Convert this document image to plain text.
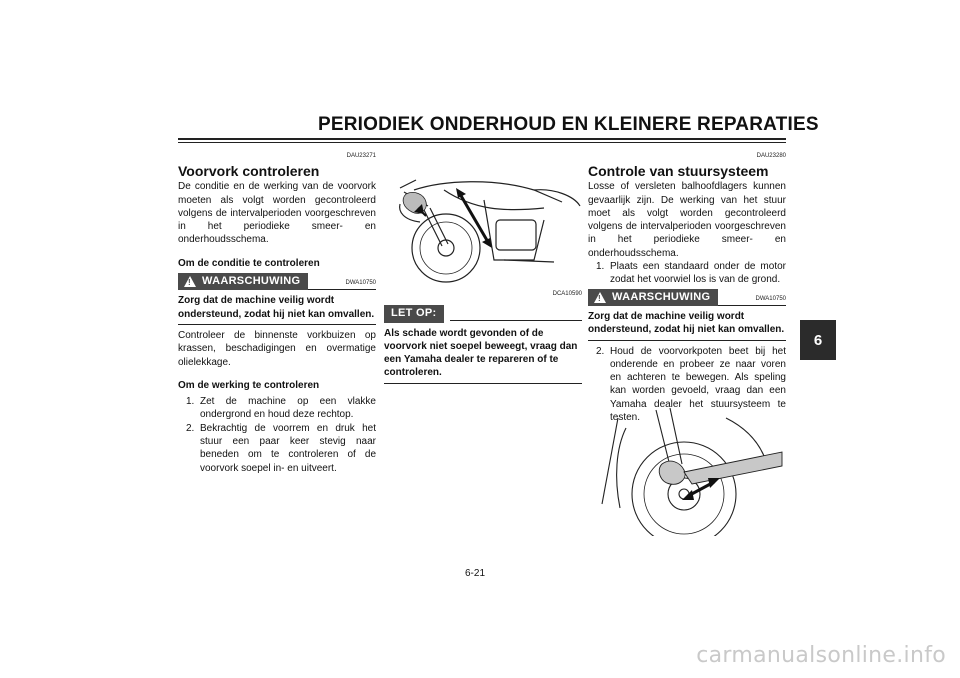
PERIODIEK ONDERHOUD EN KLEINERE REPARATIES
DAU23271
Voorvork controleren

De conditie en de werking van de voorvork moeten als volgt worden gecontroleerd volgens de intervalperioden voorgeschreven in het periodieke smeer- en onderhoudsschema.

Om de conditie te controleren
! WAARSCHUWING	DWA10750

Zorg dat de machine veilig wordt ondersteund, zodat hij niet kan omvallen.

Controleer de binnenste vorkbuizen op krassen, beschadigingen en overmatige olielekkage.

Om de werking te controleren
1. Zet de machine op een vlakke ondergrond en houd deze rechtop.
2. Bekrachtig de voorrem en druk het stuur een paar keer stevig naar beneden om te controleren of de voorvork soepel in- en uitveert.
DCA10590
LET OP:

Als schade wordt gevonden of de voorvork niet soepel beweegt, vraag dan een Yamaha dealer te repareren of te controleren.

DAU23280
Controle van stuursysteem

Losse of versleten balhoofdlagers kunnen gevaarlijk zijn. De werking van het stuur moet als volgt worden gecontroleerd volgens de intervalperioden voorgeschreven in het periodieke smeer- en onderhoudsschema.

1. Plaats een standaard onder de motor zodat het voorwiel los is van de grond.
! WAARSCHUWING	DWA10750

Zorg dat de machine veilig wordt ondersteund, zodat hij niet kan omvallen.

2. Houd de voorvorkpoten beet bij het onderende en probeer ze naar voren en achteren te bewegen. Als speling kan worden gevoeld, vraag dan een Yamaha dealer het stuursysteem te testen.
6
6-21
carmanualsonline.info
